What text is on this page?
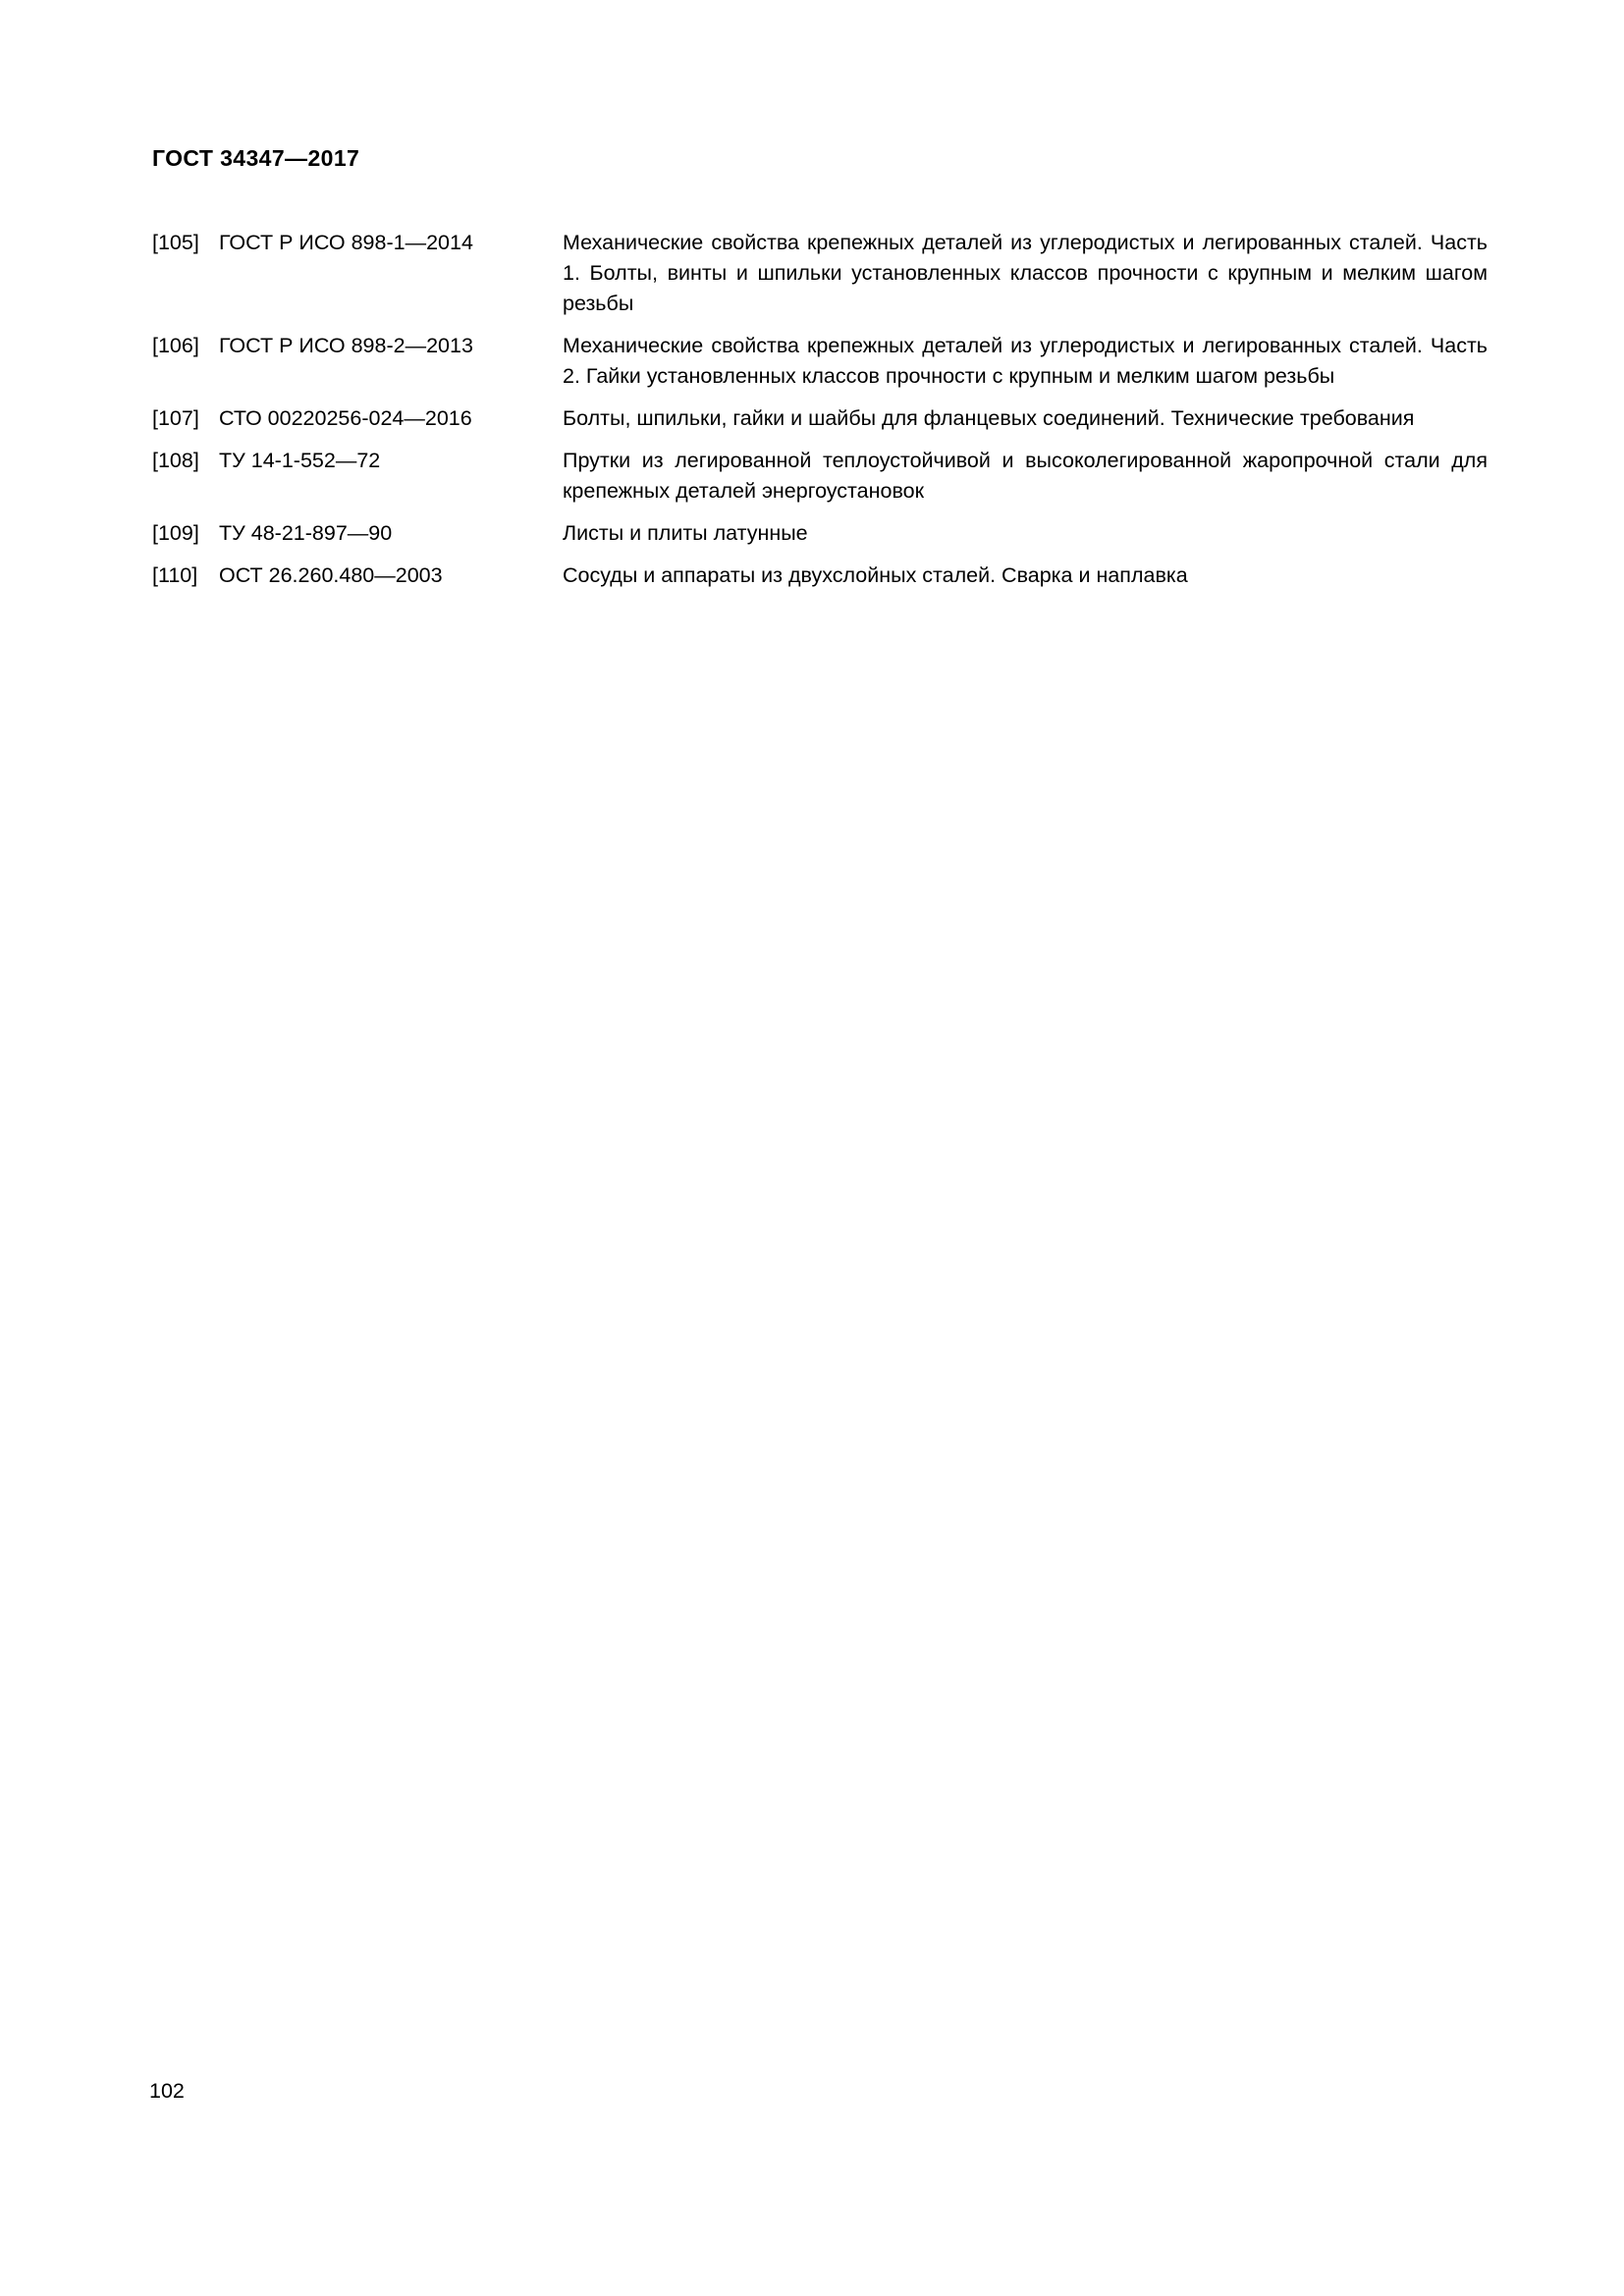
ГОСТ 34347—2017
[105] ГОСТ Р ИСО 898-1—2014	Механические свойства крепежных деталей из углеродистых и легированных сталей. Часть 1. Болты, винты и шпильки установленных классов прочности с крупным и мелким шагом резьбы
[106] ГОСТ Р ИСО 898-2—2013	Механические свойства крепежных деталей из углеродистых и легированных сталей. Часть 2. Гайки установленных классов прочности с крупным и мелким шагом резьбы
[107] СТО 00220256-024—2016	Болты, шпильки, гайки и шайбы для фланцевых соединений. Технические требования
[108] ТУ 14-1-552—72	Прутки из легированной теплоустойчивой и высоколегированной жаропрочной стали для крепежных деталей энергоустановок
[109] ТУ 48-21-897—90	Листы и плиты латунные
[110]	ОСТ 26.260.480—2003	Сосуды и аппараты из двухслойных сталей. Сварка и наплавка
102
